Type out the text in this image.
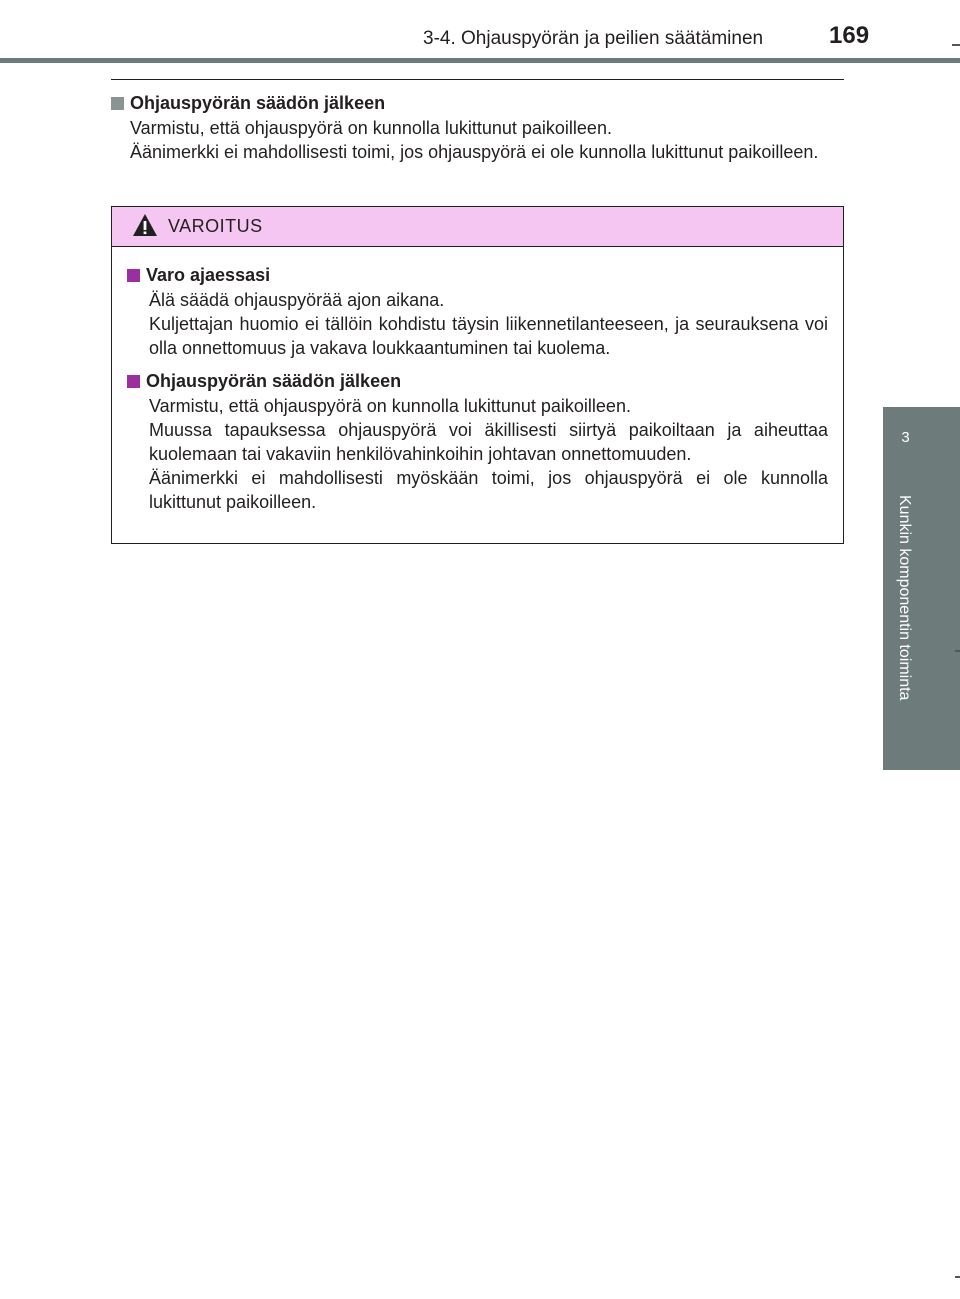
3-4. Ohjauspyörän ja peilien säätäminen	169
3
Kunkin komponentin toiminta
Ohjauspyörän säädön jälkeen

Varmistu, että ohjauspyörä on kunnolla lukittunut paikoilleen.

Äänimerkki ei mahdollisesti toimi, jos ohjauspyörä ei ole kunnolla lukittunut paikoilleen.

VAROITUS
Varo ajaessasi

Älä säädä ohjauspyörää ajon aikana.

Kuljettajan huomio ei tällöin kohdistu täysin liikennetilanteeseen, ja seurauksena voi olla onnettomuus ja vakava loukkaantuminen tai kuolema.

Ohjauspyörän säädön jälkeen

Varmistu, että ohjauspyörä on kunnolla lukittunut paikoilleen.

Muussa tapauksessa ohjauspyörä voi äkillisesti siirtyä paikoiltaan ja aiheuttaa kuolemaan tai vakaviin henkilövahinkoihin johtavan onnettomuuden.

Äänimerkki ei mahdollisesti myöskään toimi, jos ohjauspyörä ei ole kunnolla lukittunut paikoilleen.
